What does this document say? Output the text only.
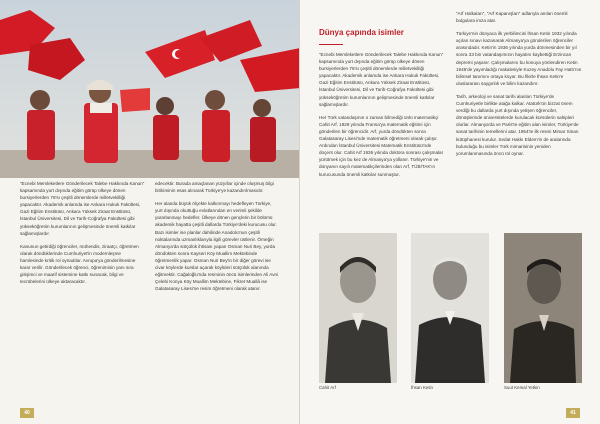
“Ecnebi Memleketlere Gönderilecek Talebe Hakkında Kanun” kapsamında yurt dışında eğitim görüp ülkeye dönen bursiyerlerden 76'sı çeşitli dönemlerde milletvekilliği yapacaktır. Akademik anlamda ise Ankara Hukuk Fakültesi, Gazi Eğitim Enstitüsü, Ankara Yüksek Ziraat Enstitüsü, İstanbul Üniversitesi, Dil ve Tarih-Coğrafya Fakültesi gibi yükseköğretim kurumlarının gelişmesinde önemli katkılar sağlamışlardır.

Kanunun getirdiği öğrenciler, mühendis, ziraatçı, öğretmen olarak döndüklerinde Cumhuriyet'in modernleşme hamlesinde kritik rol oynadılar. Avrupa'ya gönderilmesine karar verilir. Gönderilecek öğrenci, öğreniminin yanı sıra girişimci ve maarif sistemine katkı sunacak, bilgi ve tecrübelerini ülkeye aktaracaktır.

edecektir. Burada amaçlanan yüzyıllar içinde oluşmuş bilgi birikiminin esas alınarak Türkiye'ye kazandırılmasıdır.

Her alanda büyük ölçekte kalkınmayı hedefleyen Türkiye, yurt dışında okuttuğu evlatlarından en verimli şekilde yararlanmayı hedefler. Ülkeye dönen gençlerin bir bölümü akademik hayatta çeşitli dallarda Türkiye'deki kurucusu olur. Bazı isimler ise planlar dahilinde Anadolu'nun çeşitli noktalarında uzmanlıklarıyla ilgili görevler üstlenir. Örneğin Almanya'da sütçülük ihtisası yapan Osman Nuri Bey, yurda döndükten sonra Kayseri Köy Muallim Mektebinde öğretmenlik yapar. Osman Nuri Bey'in bir diğer görevi ise civar köylerde kurslar açarak köylüleri sütçülük alanında eğitmektir. Cağaloğlu'nda resminin öncü isimlerinden Ali Avni Çelebi Konya Köy Muallim Mektebine, Fikret Muallâ ise Galatasaray Lisesi'ne resim öğretmeni olarak atanır.

40
Dünya çapında isimler

“Ecnebi Memleketlere Gönderilecek Talebe Hakkında Kanun” kapsamında yurt dışında eğitim görüp ülkeye dönen bursiyerlerden 76'sı çeşitli dönemlerde milletvekilliği yapacaktır. Akademik anlamda ise Ankara Hukuk Fakültesi, Gazi Eğitim Enstitüsü, Ankara Yüksek Ziraat Enstitüsü, İstanbul Üniversitesi, Dil ve Tarih-Coğrafya Fakültesi gibi yükseköğretim kurumlarının gelişmesinde önemli katkılar sağlamışlardır.

Her Türk vatandaşının o zaman bilmediği ünlü matematikçi Cahit Arf. 1928 yılında Fransa'ya matematik eğitimi için gönderilen bir öğrencidir. Arf, yurda döndükten sonra Galatasaray Lisesi'nde matematik öğretmeni olarak çalışır. Ardından İstanbul Üniversitesi Matematik Enstitüsü'nde doçent olur. Cahit Arf 1936 yılında doktora sonrası çalışmalar yürütmek için bu kez de Almanya'ya yollanır. Türkiye'nin ve dünyanın sayılı matematikçilerinden olan Arf, TÜBİTAK'ın kurucusunda önemli katkılar sunmuştur.

“Arf Halkaları”, “Arf Kapanışları” adlarıyla anılan önemli bulgulara imza atar.

Türkiye'nin dünyaca ilk yerbilimcisi İhsan Ketin 1932 yılında açılan sınavı kazanarak Almanya'ya gönderilen öğrenciler arasındadır. Ketin'in 1936 yılında yurda dönmesinden bir yıl sonra 33 bin vatandaşımızın hayatını kaybettiği Erzincan depremi yaşanır. Çalışmalarını bu konuya yönlendiren Ketin 1948'de yayımladığı makalesiyle Kuzey Anadolu Fay Hattı'nın bilimsel tanımını ortaya koyar. Bu fikirle İhsan Ketin'e uluslararası saygınlık ve bilim kazandırır.

Tarih, arkeoloji ve sanat tarihi alanları Türkiye'de Cumhuriyetle birlikte atağa kalkar. Atatürk'ün bizzat önem verdiği bu dallarda yurt dışında yetişen öğrenciler, dönüşlerinde üniversitelerde kurulacak kürsülerin sahipleri olurlar. Almanya'da ve Paris'te eğitim alan isimler, Türkiye'de sanat tarihinin temellerini atar. 1954'te ilk resmi Mimar Sinan kütüphanesi kurulur. Sedat Hakkı Eldem'in de aralarında bulunduğu bu isimler Türk mimarisinin yeniden yorumlanmasında öncü rol oynar.

Cahit Arf	İhsan Ketin	Suut Kemal Yetkin
41
